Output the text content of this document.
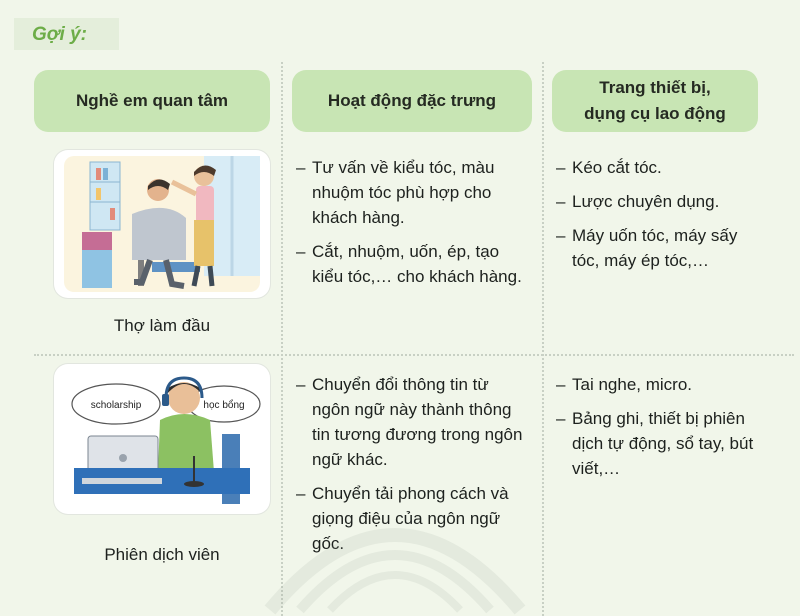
Gợi ý:
Nghề em quan tâm	Hoạt động đặc trưng
Trang thiết bị,
dụng cụ lao động
Thợ làm đầu
– Tư vấn về kiểu tóc, màu nhuộm tóc phù hợp cho khách hàng.
– Cắt, nhuộm, uốn, ép, tạo kiểu tóc,… cho khách hàng.
– Kéo cắt tóc.
– Lược chuyên dụng.
– Máy uốn tóc, máy sấy tóc, máy ép tóc,…
scholarship	học bổng
Phiên dịch viên
– Chuyển đổi thông tin từ ngôn ngữ này thành thông tin tương đương trong ngôn ngữ khác.
– Chuyển tải phong cách và giọng điệu của ngôn ngữ gốc.
– Tai nghe, micro.
– Bảng ghi, thiết bị phiên dịch tự động, sổ tay, bút viết,…
